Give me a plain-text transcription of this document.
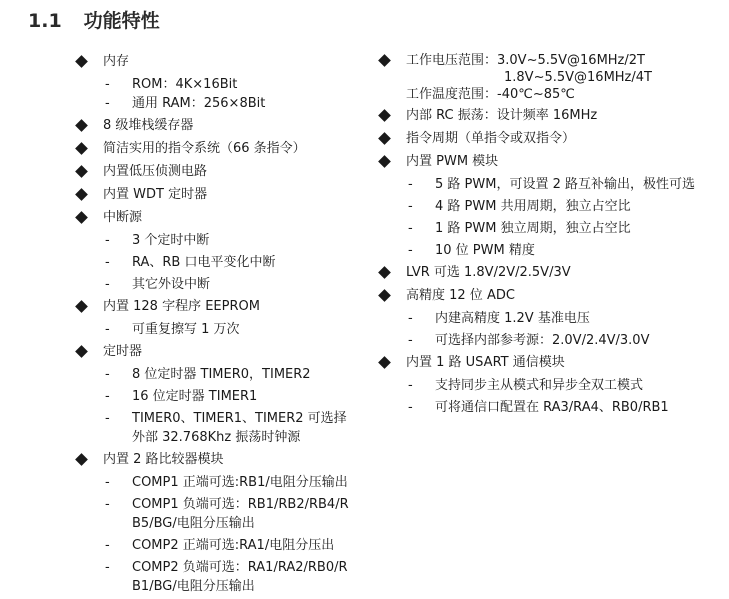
1.1 功能特性
内存
- ROM：4K×16Bit
- 通用 RAM：256×8Bit
8 级堆栈缓存器
简洁实用的指令系统（66 条指令）
内置低压侦测电路
内置 WDT 定时器
中断源
- 3 个定时中断
- RA、RB 口电平变化中断
- 其它外设中断
内置 128 字程序 EEPROM
- 可重复擦写 1 万次
定时器
- 8 位定时器 TIMER0，TIMER2
- 16 位定时器 TIMER1
- TIMER0、TIMER1、TIMER2 可选择
外部 32.768Khz 振荡时钟源
内置 2 路比较器模块
- COMP1 正端可选:RB1/电阻分压输出
- COMP1 负端可选：RB1/RB2/RB4/R
B5/BG/电阻分压输出
- COMP2 正端可选:RA1/电阻分压出
- COMP2 负端可选：RA1/RA2/RB0/R
B1/BG/电阻分压输出
工作电压范围：3.0V~5.5V@16MHz/2T
1.8V~5.5V@16MHz/4T
工作温度范围：-40℃~85℃
内部 RC 振荡：设计频率 16MHz
指令周期（单指令或双指令）
内置 PWM 模块
- 5 路 PWM，可设置 2 路互补输出，极性可选
- 4 路 PWM 共用周期，独立占空比
- 1 路 PWM 独立周期，独立占空比
- 10 位 PWM 精度
LVR 可选 1.8V/2V/2.5V/3V
高精度 12 位 ADC
- 内建高精度 1.2V 基准电压
- 可选择内部参考源：2.0V/2.4V/3.0V
内置 1 路 USART 通信模块
- 支持同步主从模式和异步全双工模式
- 可将通信口配置在 RA3/RA4、RB0/RB1
